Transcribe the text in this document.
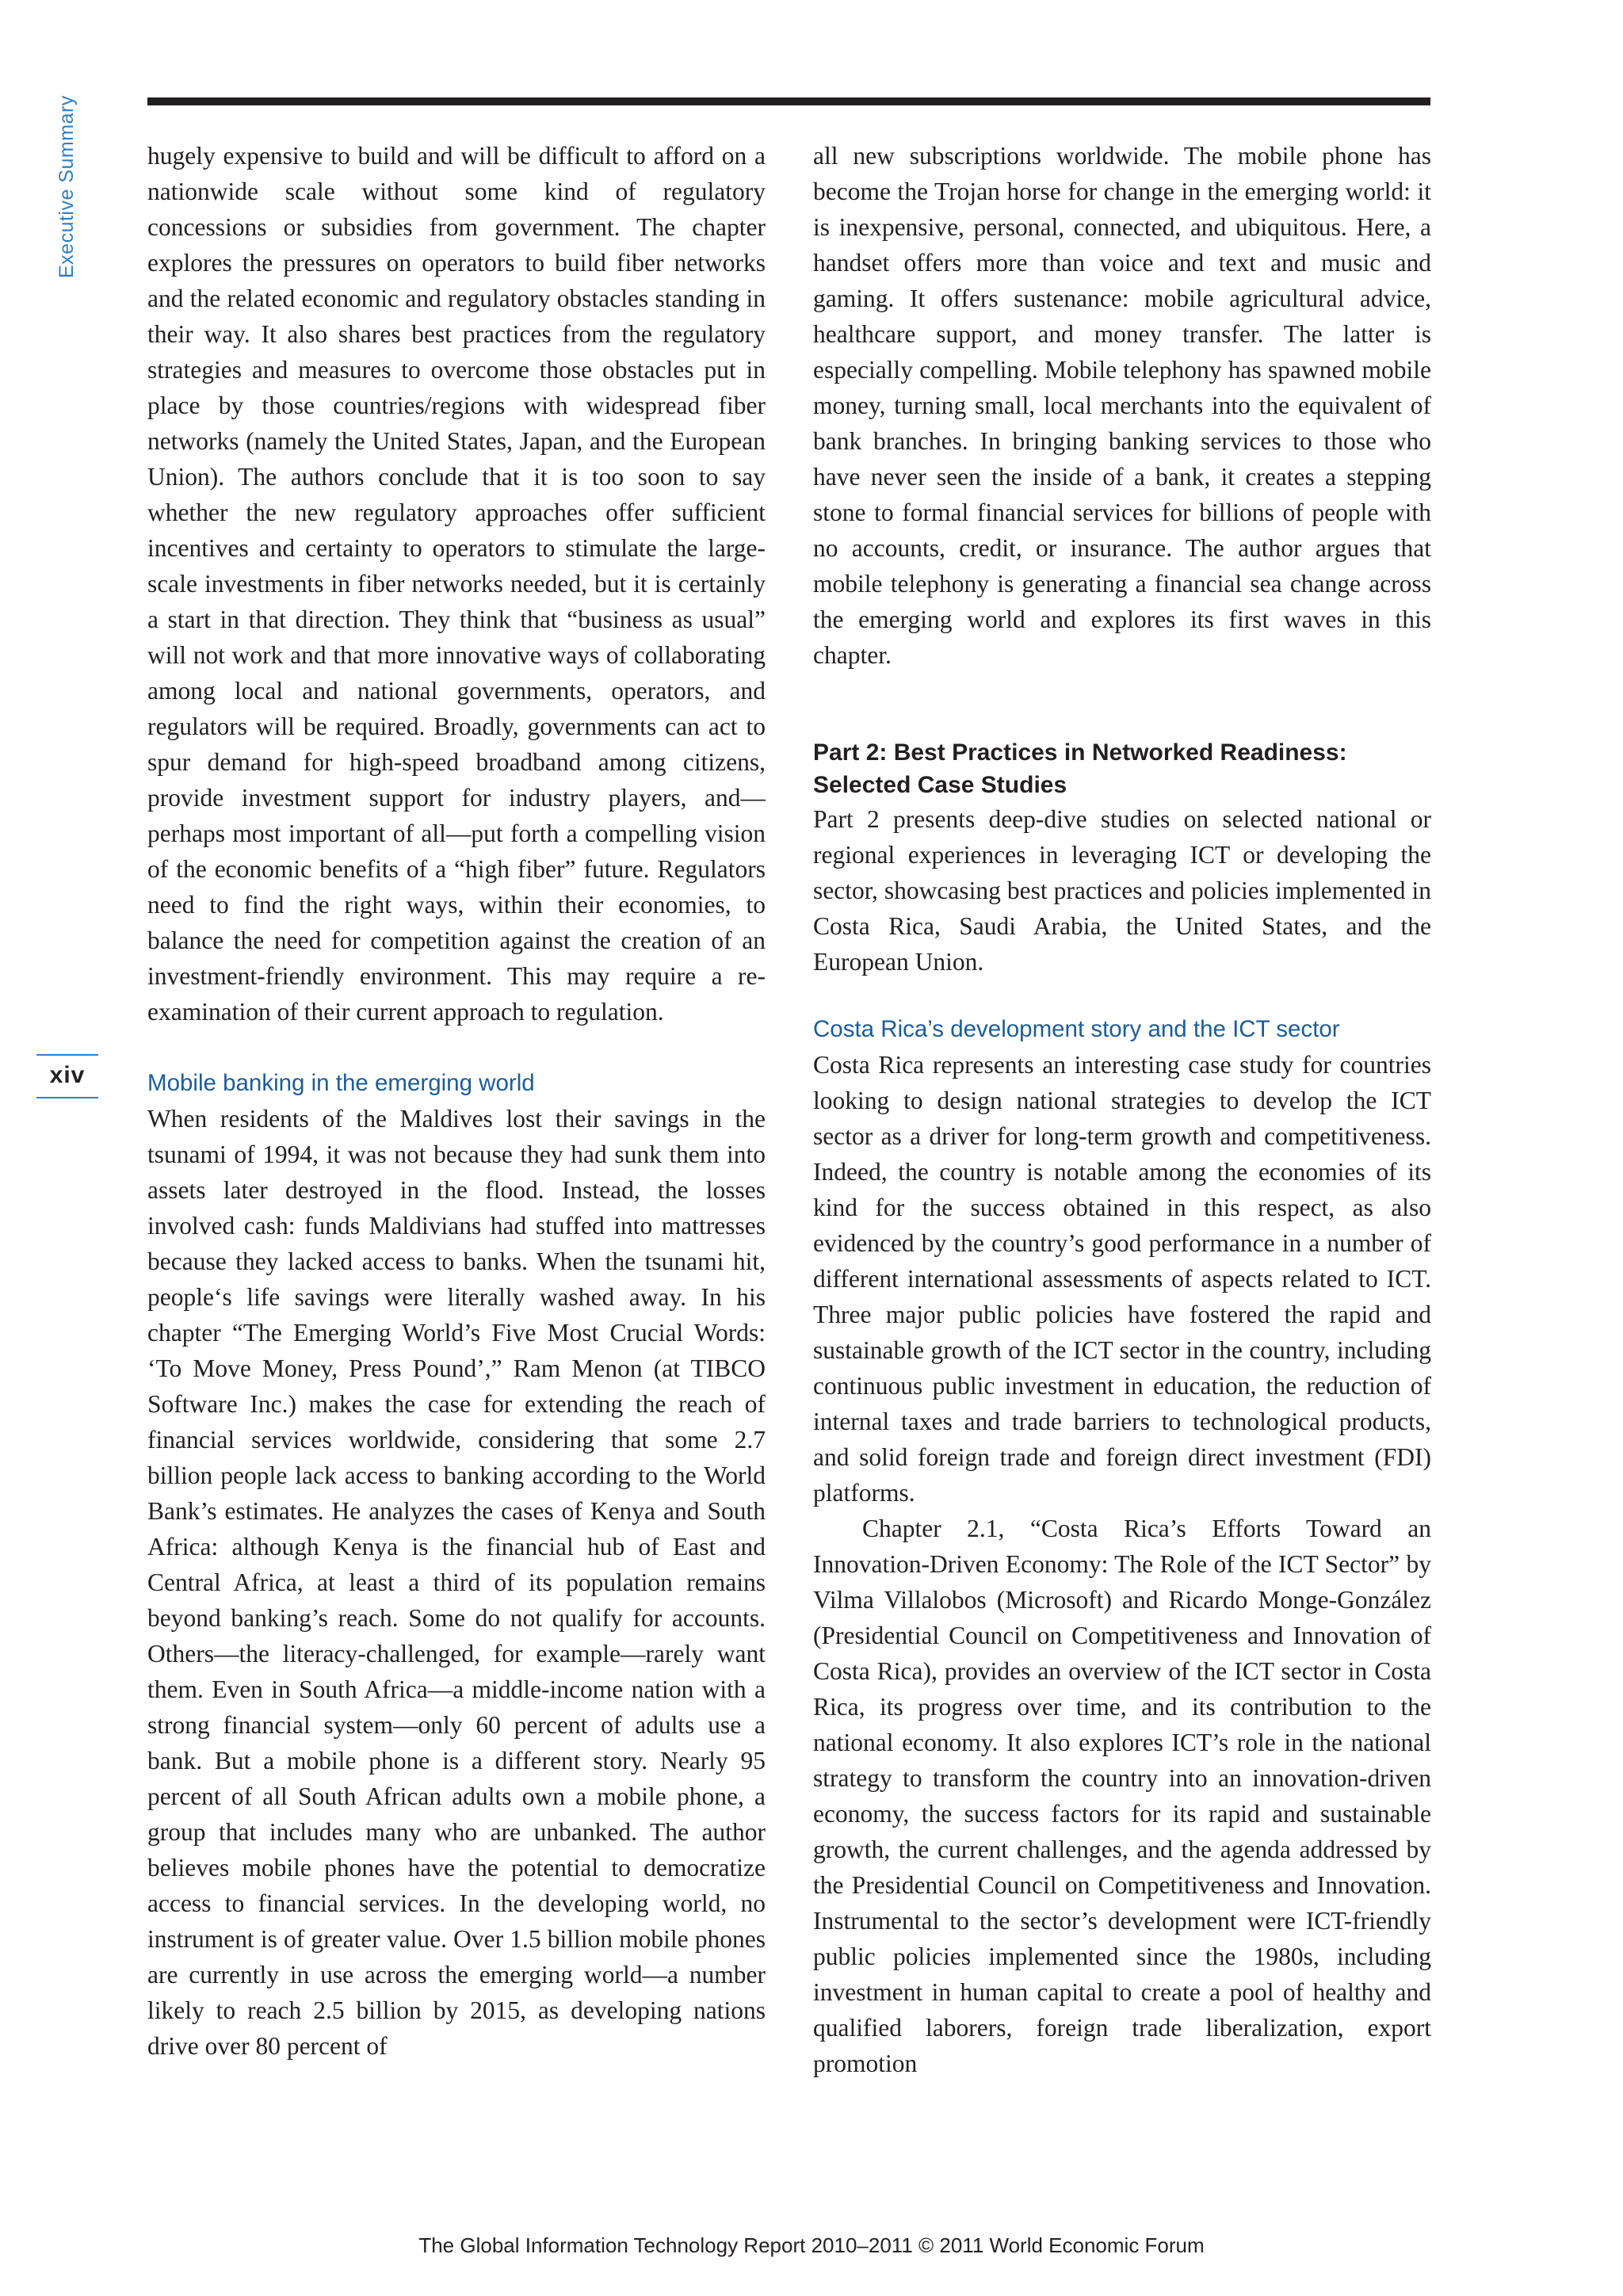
Executive Summary
xiv

hugely expensive to build and will be difficult to afford on a nationwide scale without some kind of regulatory concessions or subsidies from government. The chapter explores the pressures on operators to build fiber networks and the related economic and regulatory obstacles standing in their way. It also shares best practices from the regulatory strategies and measures to overcome those obstacles put in place by those countries/regions with widespread fiber networks (namely the United States, Japan, and the European Union). The authors conclude that it is too soon to say whether the new regulatory approaches offer sufficient incentives and certainty to operators to stimulate the large-scale investments in fiber networks needed, but it is certainly a start in that direction. They think that “business as usual” will not work and that more innovative ways of collaborating among local and national governments, operators, and regulators will be required. Broadly, governments can act to spur demand for high-speed broadband among citizens, provide investment support for industry players, and—perhaps most important of all—put forth a compelling vision of the economic benefits of a “high fiber” future. Regulators need to find the right ways, within their economies, to balance the need for competition against the creation of an investment-friendly environment. This may require a re-examination of their current approach to regulation.

Mobile banking in the emerging world

When residents of the Maldives lost their savings in the tsunami of 1994, it was not because they had sunk them into assets later destroyed in the flood. Instead, the losses involved cash: funds Maldivians had stuffed into mattresses because they lacked access to banks. When the tsunami hit, people‘s life savings were literally washed away. In his chapter “The Emerging World’s Five Most Crucial Words: ‘To Move Money, Press Pound’,” Ram Menon (at TIBCO Software Inc.) makes the case for extending the reach of financial services worldwide, considering that some 2.7 billion people lack access to banking according to the World Bank’s estimates. He analyzes the cases of Kenya and South Africa: although Kenya is the financial hub of East and Central Africa, at least a third of its population remains beyond banking’s reach. Some do not qualify for accounts. Others—the literacy-challenged, for example—rarely want them. Even in South Africa—a middle-income nation with a strong financial system—only 60 percent of adults use a bank. But a mobile phone is a different story. Nearly 95 percent of all South African adults own a mobile phone, a group that includes many who are unbanked. The author believes mobile phones have the potential to democratize access to financial services. In the developing world, no instrument is of greater value. Over 1.5 billion mobile phones are currently in use across the emerging world—a number likely to reach 2.5 billion by 2015, as developing nations drive over 80 percent of

all new subscriptions worldwide. The mobile phone has become the Trojan horse for change in the emerging world: it is inexpensive, personal, connected, and ubiquitous. Here, a handset offers more than voice and text and music and gaming. It offers sustenance: mobile agricultural advice, healthcare support, and money transfer. The latter is especially compelling. Mobile telephony has spawned mobile money, turning small, local merchants into the equivalent of bank branches. In bringing banking services to those who have never seen the inside of a bank, it creates a stepping stone to formal financial services for billions of people with no accounts, credit, or insurance. The author argues that mobile telephony is generating a financial sea change across the emerging world and explores its first waves in this chapter.

Part 2: Best Practices in Networked Readiness: Selected Case Studies

Part 2 presents deep-dive studies on selected national or regional experiences in leveraging ICT or developing the sector, showcasing best practices and policies implemented in Costa Rica, Saudi Arabia, the United States, and the European Union.

Costa Rica’s development story and the ICT sector

Costa Rica represents an interesting case study for countries looking to design national strategies to develop the ICT sector as a driver for long-term growth and competitiveness. Indeed, the country is notable among the economies of its kind for the success obtained in this respect, as also evidenced by the country’s good performance in a number of different international assessments of aspects related to ICT. Three major public policies have fostered the rapid and sustainable growth of the ICT sector in the country, including continuous public investment in education, the reduction of internal taxes and trade barriers to technological products, and solid foreign trade and foreign direct investment (FDI) platforms.

Chapter 2.1, “Costa Rica’s Efforts Toward an Innovation-Driven Economy: The Role of the ICT Sector” by Vilma Villalobos (Microsoft) and Ricardo Monge-González (Presidential Council on Competitiveness and Innovation of Costa Rica), provides an overview of the ICT sector in Costa Rica, its progress over time, and its contribution to the national economy. It also explores ICT’s role in the national strategy to transform the country into an innovation-driven economy, the success factors for its rapid and sustainable growth, the current challenges, and the agenda addressed by the Presidential Council on Competitiveness and Innovation. Instrumental to the sector’s development were ICT-friendly public policies implemented since the 1980s, including investment in human capital to create a pool of healthy and qualified laborers, foreign trade liberalization, export promotion

The Global Information Technology Report 2010–2011 © 2011 World Economic Forum
